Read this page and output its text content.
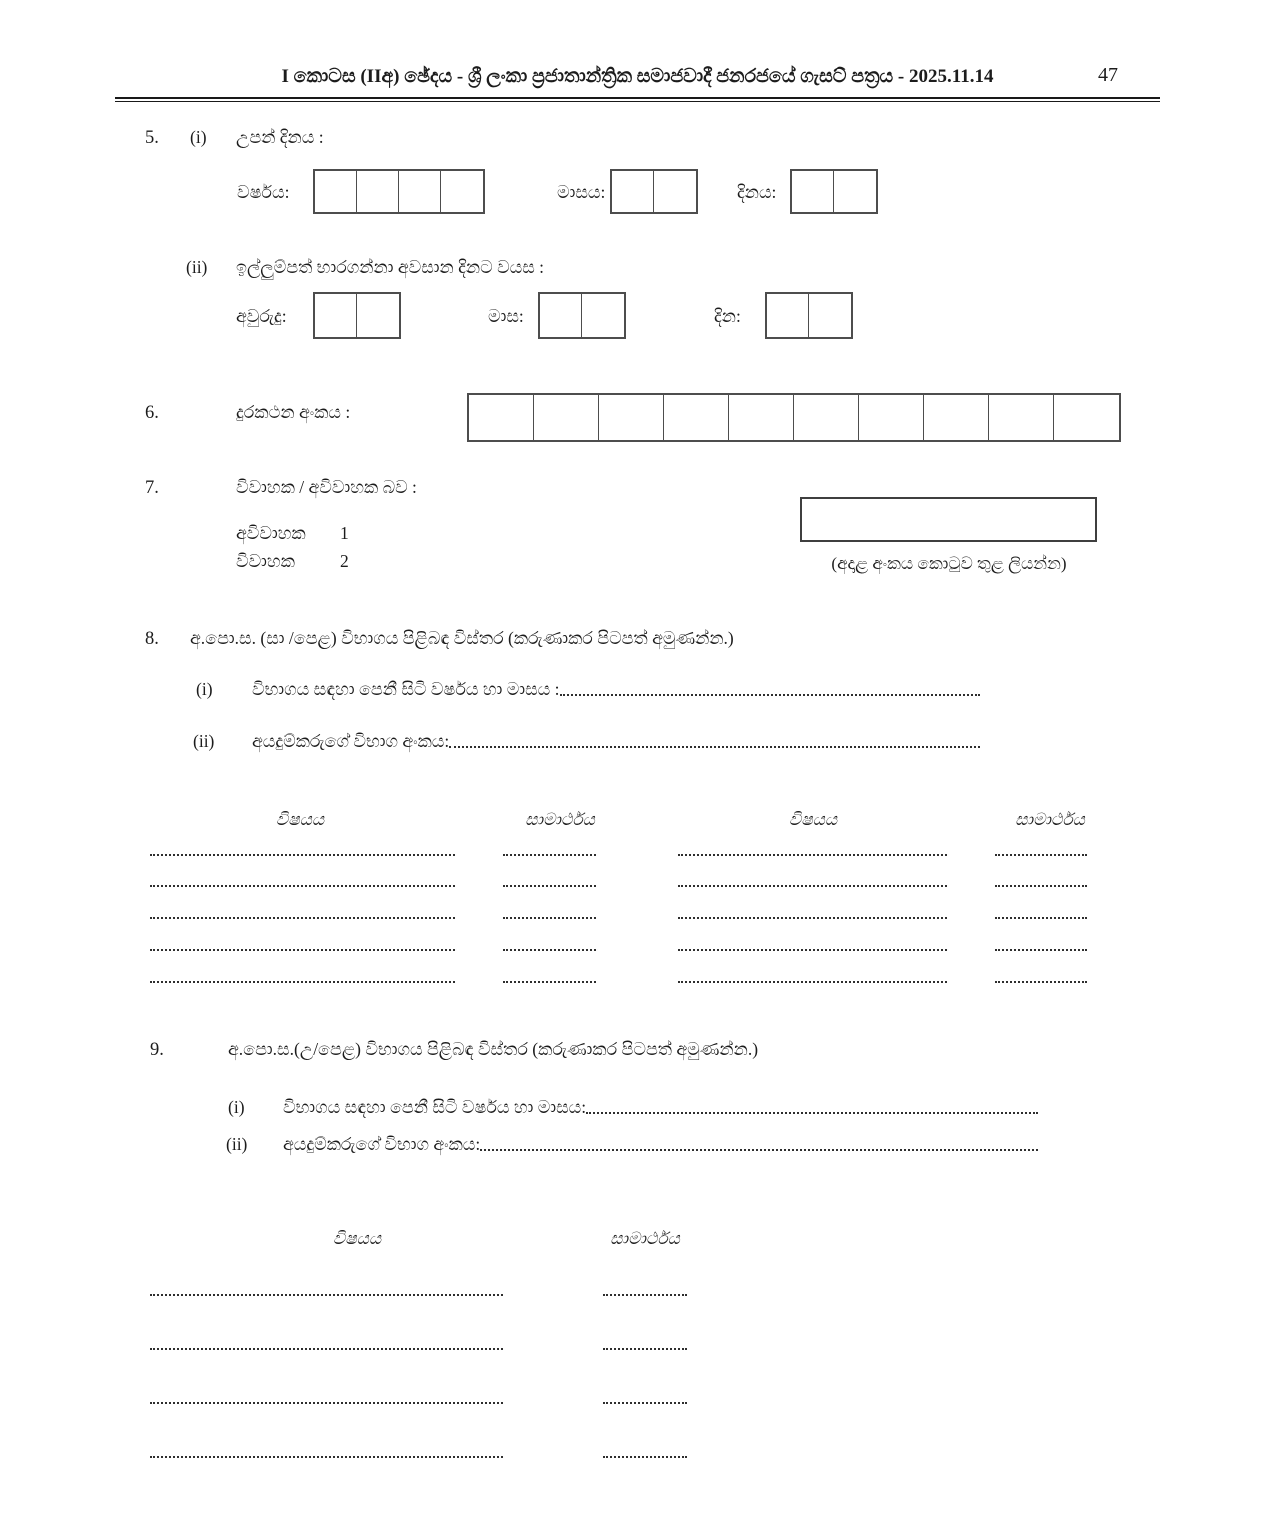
I කොටස (IIඅ) ඡේදය - ශ්‍රී ලංකා ප්‍රජාතාන්ත්‍රික සමාජවාදී ජනරජයේ ගැසට් පත්‍රය - 2025.11.14	47
5. (i) උපන් දිනය :
වර්ෂය:	මාසය:	දිනය:
(ii) ඉල්ලුම්පත් භාරගන්නා අවසාන දිනට වයස :
අවුරුදු:	මාස:	දින:
6.	දුරකථන අංකය :
7.	විවාහක / අවිවාහක බව :
අවිවාහක 1
විවාහක	2	(අදාළ අංකය කොටුව තුළ ලියන්න)
8. අ.පො.ස. (සා /පෙළ) විභාගය පිළිබඳ විස්තර (කරුණාකර පිටපත් අමුණන්න.)
(i)	විභාගය සඳහා පෙනී සිටි වර්ෂය හා මාසය :
(ii)	අයදුම්කරුගේ විභාග අංකය:
විෂයය	සාමාර්ථය	විෂයය	සාමාර්ථය
9.	අ.පො.ස.(උ/පෙළ) විභාගය පිළිබඳ විස්තර (කරුණාකර පිටපත් අමුණන්න.)
(i)	විභාගය සඳහා පෙනී සිටි වර්ෂය හා මාසය:
(ii)	අයදුම්කරුගේ විභාග අංකය:
විෂයය	සාමාර්ථය
